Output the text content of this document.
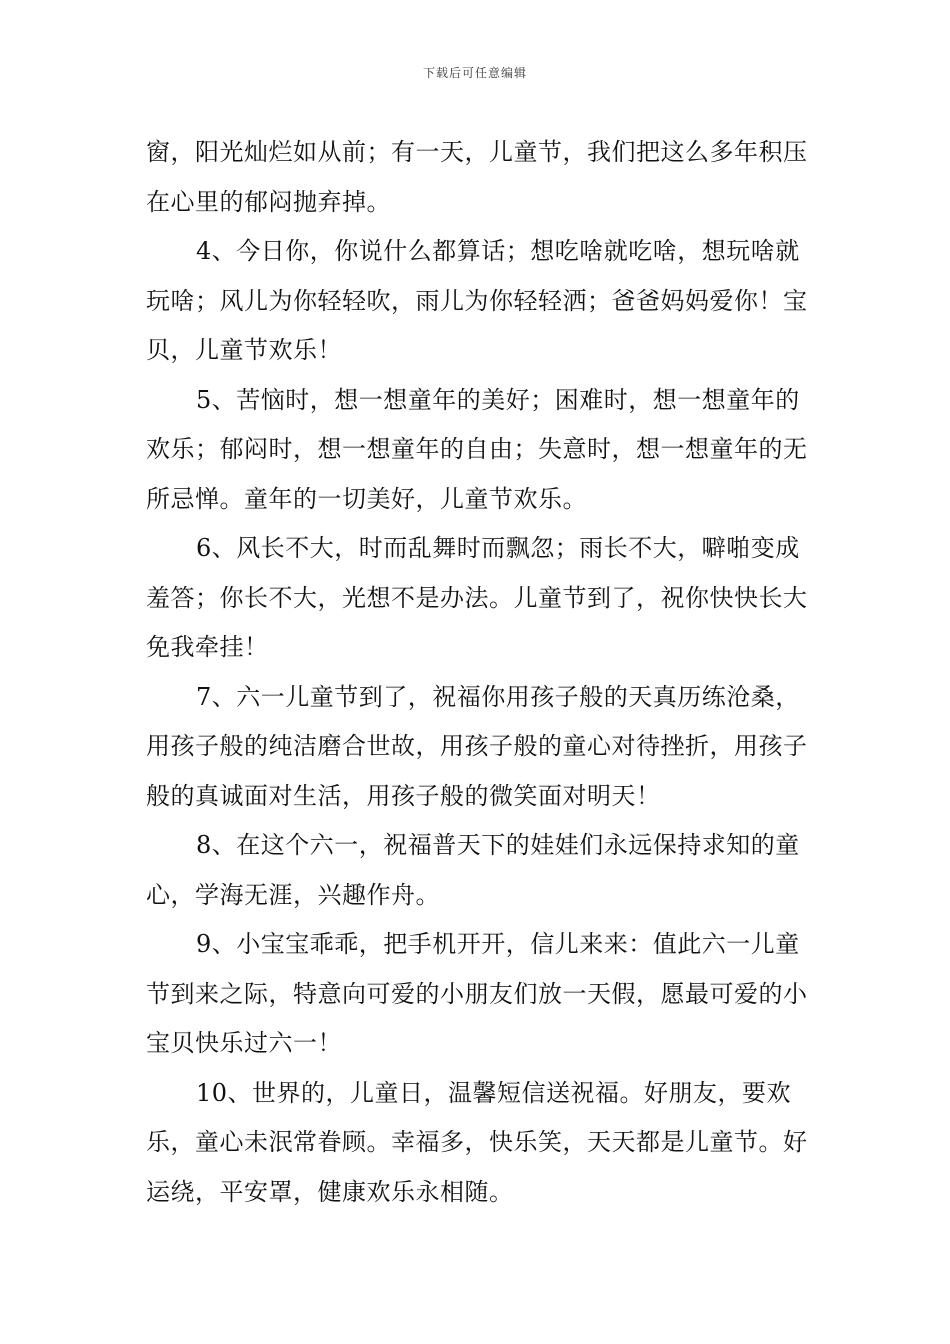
下载后可任意编辑

窗，阳光灿烂如从前；有一天，儿童节，我们把这么多年积压在心里的郁闷抛弃掉。

4、今日你，你说什么都算话；想吃啥就吃啥，想玩啥就玩啥；风儿为你轻轻吹，雨儿为你轻轻洒；爸爸妈妈爱你！宝贝，儿童节欢乐！

5、苦恼时，想一想童年的美好；困难时，想一想童年的欢乐；郁闷时，想一想童年的自由；失意时，想一想童年的无所忌惮。童年的一切美好，儿童节欢乐。

6、风长不大，时而乱舞时而飘忽；雨长不大，噼啪变成羞答；你长不大，光想不是办法。儿童节到了，祝你快快长大免我牵挂！

7、六一儿童节到了，祝福你用孩子般的天真历练沧桑，用孩子般的纯洁磨合世故，用孩子般的童心对待挫折，用孩子般的真诚面对生活，用孩子般的微笑面对明天！

8、在这个六一，祝福普天下的娃娃们永远保持求知的童心，学海无涯，兴趣作舟。

9、小宝宝乖乖，把手机开开，信儿来来：值此六一儿童节到来之际，特意向可爱的小朋友们放一天假，愿最可爱的小宝贝快乐过六一！

10、世界的，儿童日，温馨短信送祝福。好朋友，要欢乐，童心未泯常眷顾。幸福多，快乐笑，天天都是儿童节。好运绕，平安罩，健康欢乐永相随。
